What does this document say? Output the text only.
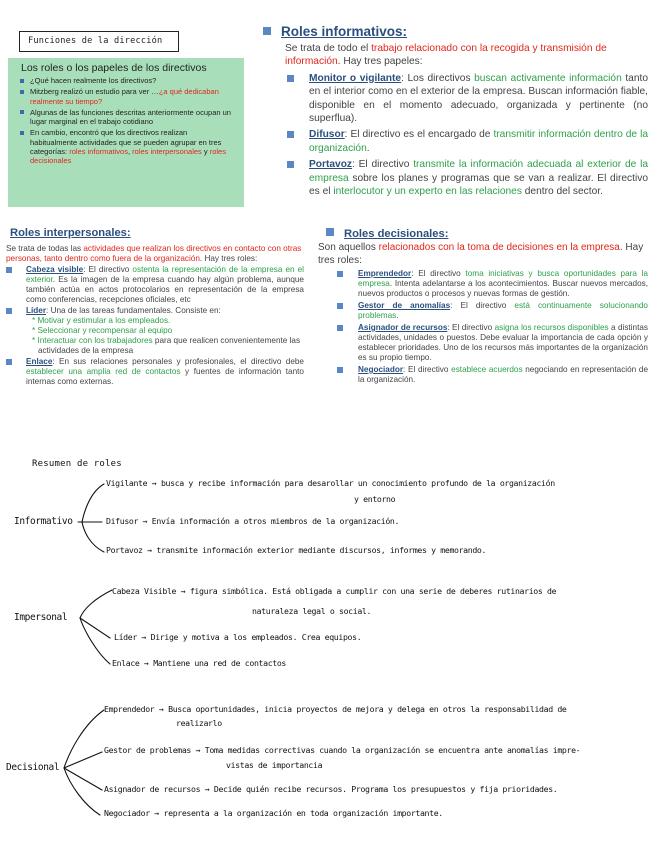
Funciones de la dirección
Los roles o los papeles de los directivos
¿Qué hacen realmente los directivos?
Mitzberg realizó un estudio para ver …¿a qué dedicaban realmente su tiempo?
Algunas de las funciones descritas anteriormente ocupan un lugar marginal en el trabajo cotidiano
En cambio, encontró que los directivos realizan habitualmente actividades que se pueden agrupar en tres categorías: roles informativos, roles interpersonales y roles decisionales
Roles informativos:
Se trata de todo el trabajo relacionado con la recogida y transmisión de información. Hay tres papeles:
Monitor o vigilante: Los directivos buscan activamente información tanto en el interior como en el exterior de la empresa. Buscan información fiable, disponible en el momento adecuado, organizada y pertinente (no superflua).
Difusor: El directivo es el encargado de transmitir información dentro de la organización.
Portavoz: El directivo transmite la información adecuada al exterior de la empresa sobre los planes y programas que se van a realizar. El directivo es el interlocutor y un experto en las relaciones dentro del sector.
Roles interpersonales:
Se trata de todas las actividades que realizan los directivos en contacto con otras personas, tanto dentro como fuera de la organización. Hay tres roles:
Cabeza visible: El directivo ostenta la representación de la empresa en el exterior. Es la imagen de la empresa cuando hay algún problema, aunque también actúa en actos protocolarios en representación de la empresa como conferencias, recepciones oficiales, etc
Líder: Una de las tareas fundamentales. Consiste en:
* Motivar y estimular a los empleados.
* Seleccionar y recompensar al equipo
* Interactuar con los trabajadores para que realicen convenientemente las actividades de la empresa
Enlace: En sus relaciones personales y profesionales, el directivo debe establecer una amplia red de contactos y fuentes de información tanto internas como externas.
Roles decisionales:
Son aquellos relacionados con la toma de decisiones en la empresa. Hay tres roles:
Emprendedor: El directivo toma iniciativas y busca oportunidades para la empresa. Intenta adelantarse a los acontecimientos. Buscar nuevos mercados, nuevos productos o procesos y nuevas formas de gestión.
Gestor de anomalías: El directivo está continuamente solucionando problemas.
Asignador de recursos: El directivo asigna los recursos disponibles a distintas actividades, unidades o puestos. Debe evaluar la importancia de cada opción y establecer prioridades. Uno de los recursos más importantes de la organización es su propio tiempo.
Negociador: El directivo establece acuerdos negociando en representación de la organización.
Resumen de roles
Informativo
Vigilante → busca y recibe información para desarollar un conocimiento profundo de la organización
y entorno
Difusor → Envía información a otros miembros de la organización.
Portavoz → transmite información exterior mediante discursos, informes y memorando.
Impersonal
Cabeza Visible → figura simbólica. Está obligada a cumplir con una serie de deberes rutinarios de
naturaleza legal o social.
Líder → Dirige y motiva a los empleados. Crea equipos.
Enlace → Mantiene una red de contactos
Decisional
Emprendedor → Busca oportunidades, inicia proyectos de mejora y delega en otros la responsabilidad de
realizarlo
Gestor de problemas → Toma medidas correctivas cuando la organización se encuentra ante anomalías impre-
vistas de importancia
Asignador de recursos → Decide quién recibe recursos. Programa los presupuestos y fija prioridades.
Negociador → representa a la organización en toda organización importante.
